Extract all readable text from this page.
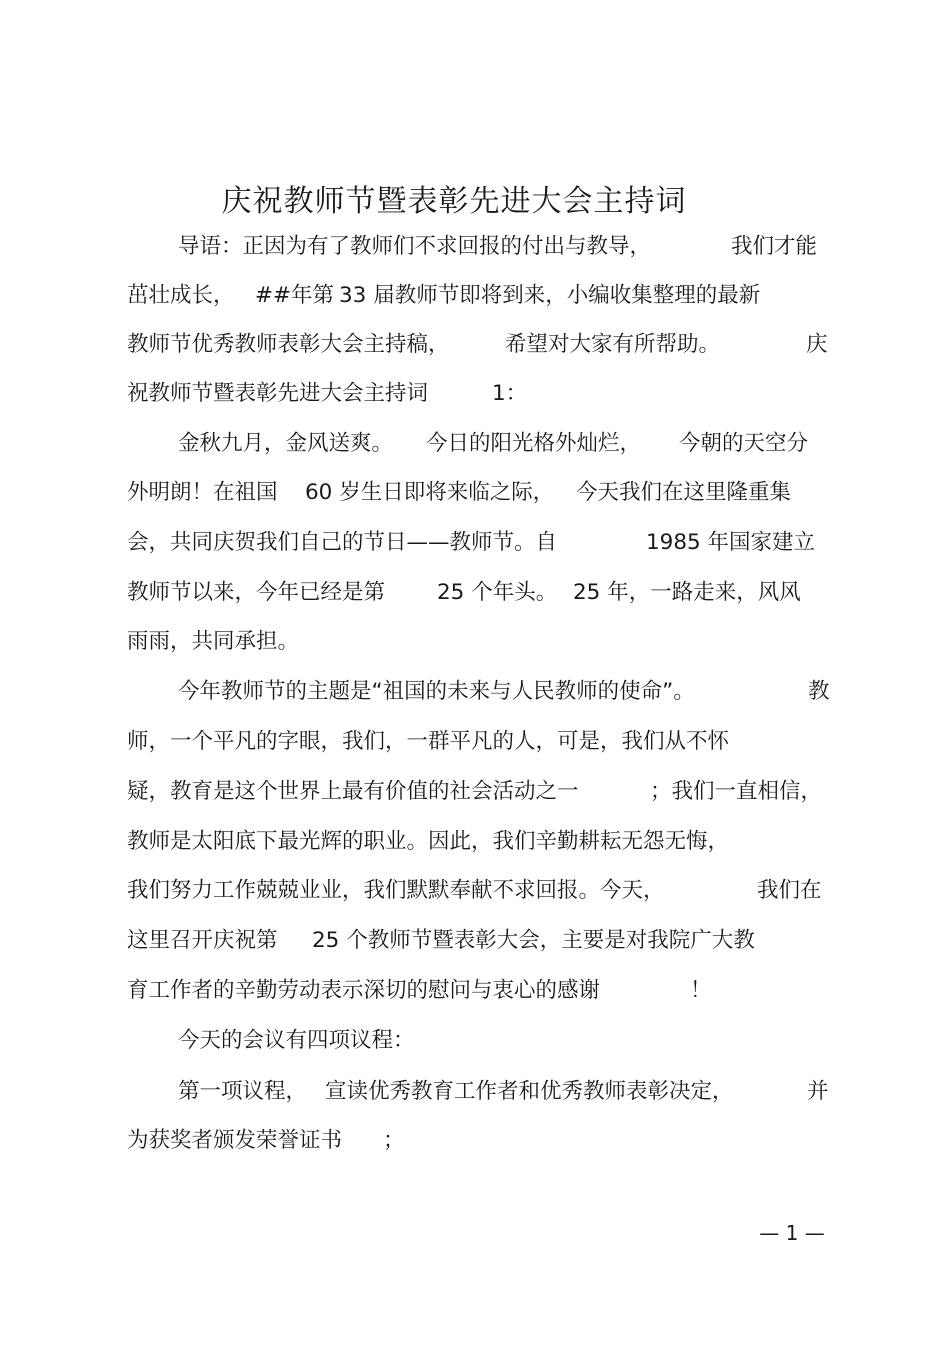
庆祝教师节暨表彰先进大会主持词
导语：正因为有了教师们不求回报的付出与教导，	我们才能
茁壮成长， ##年第 33 届教师节即将到来，小编收集整理的最新
教师节优秀教师表彰大会主持稿，	希望对大家有所帮助。	庆
祝教师节暨表彰先进大会主持词	1：
金秋九月，金风送爽。 今日的阳光格外灿烂， 今朝的天空分
外明朗！在祖国 60 岁生日即将来临之际， 今天我们在这里隆重集
会，共同庆贺我们自己的节日——教师节。自	1985 年国家建立
教师节以来，今年已经是第 25 个年头。 25 年，一路走来，风风
雨雨，共同承担。
今年教师节的主题是“祖国的未来与人民教师的使命”。	教
师，一个平凡的字眼，我们，一群平凡的人，可是，我们从不怀
疑，教育是这个世界上最有价值的社会活动之一	；我们一直相信，
教师是太阳底下最光辉的职业。因此，我们辛勤耕耘无怨无悔，
我们努力工作兢兢业业，我们默默奉献不求回报。今天，	我们在
这里召开庆祝第 25 个教师节暨表彰大会，主要是对我院广大教
育工作者的辛勤劳动表示深切的慰问与衷心的感谢	！
今天的会议有四项议程：
第一项议程， 宣读优秀教育工作者和优秀教师表彰决定，	并
为获奖者颁发荣誉证书 ；
— 1 —
